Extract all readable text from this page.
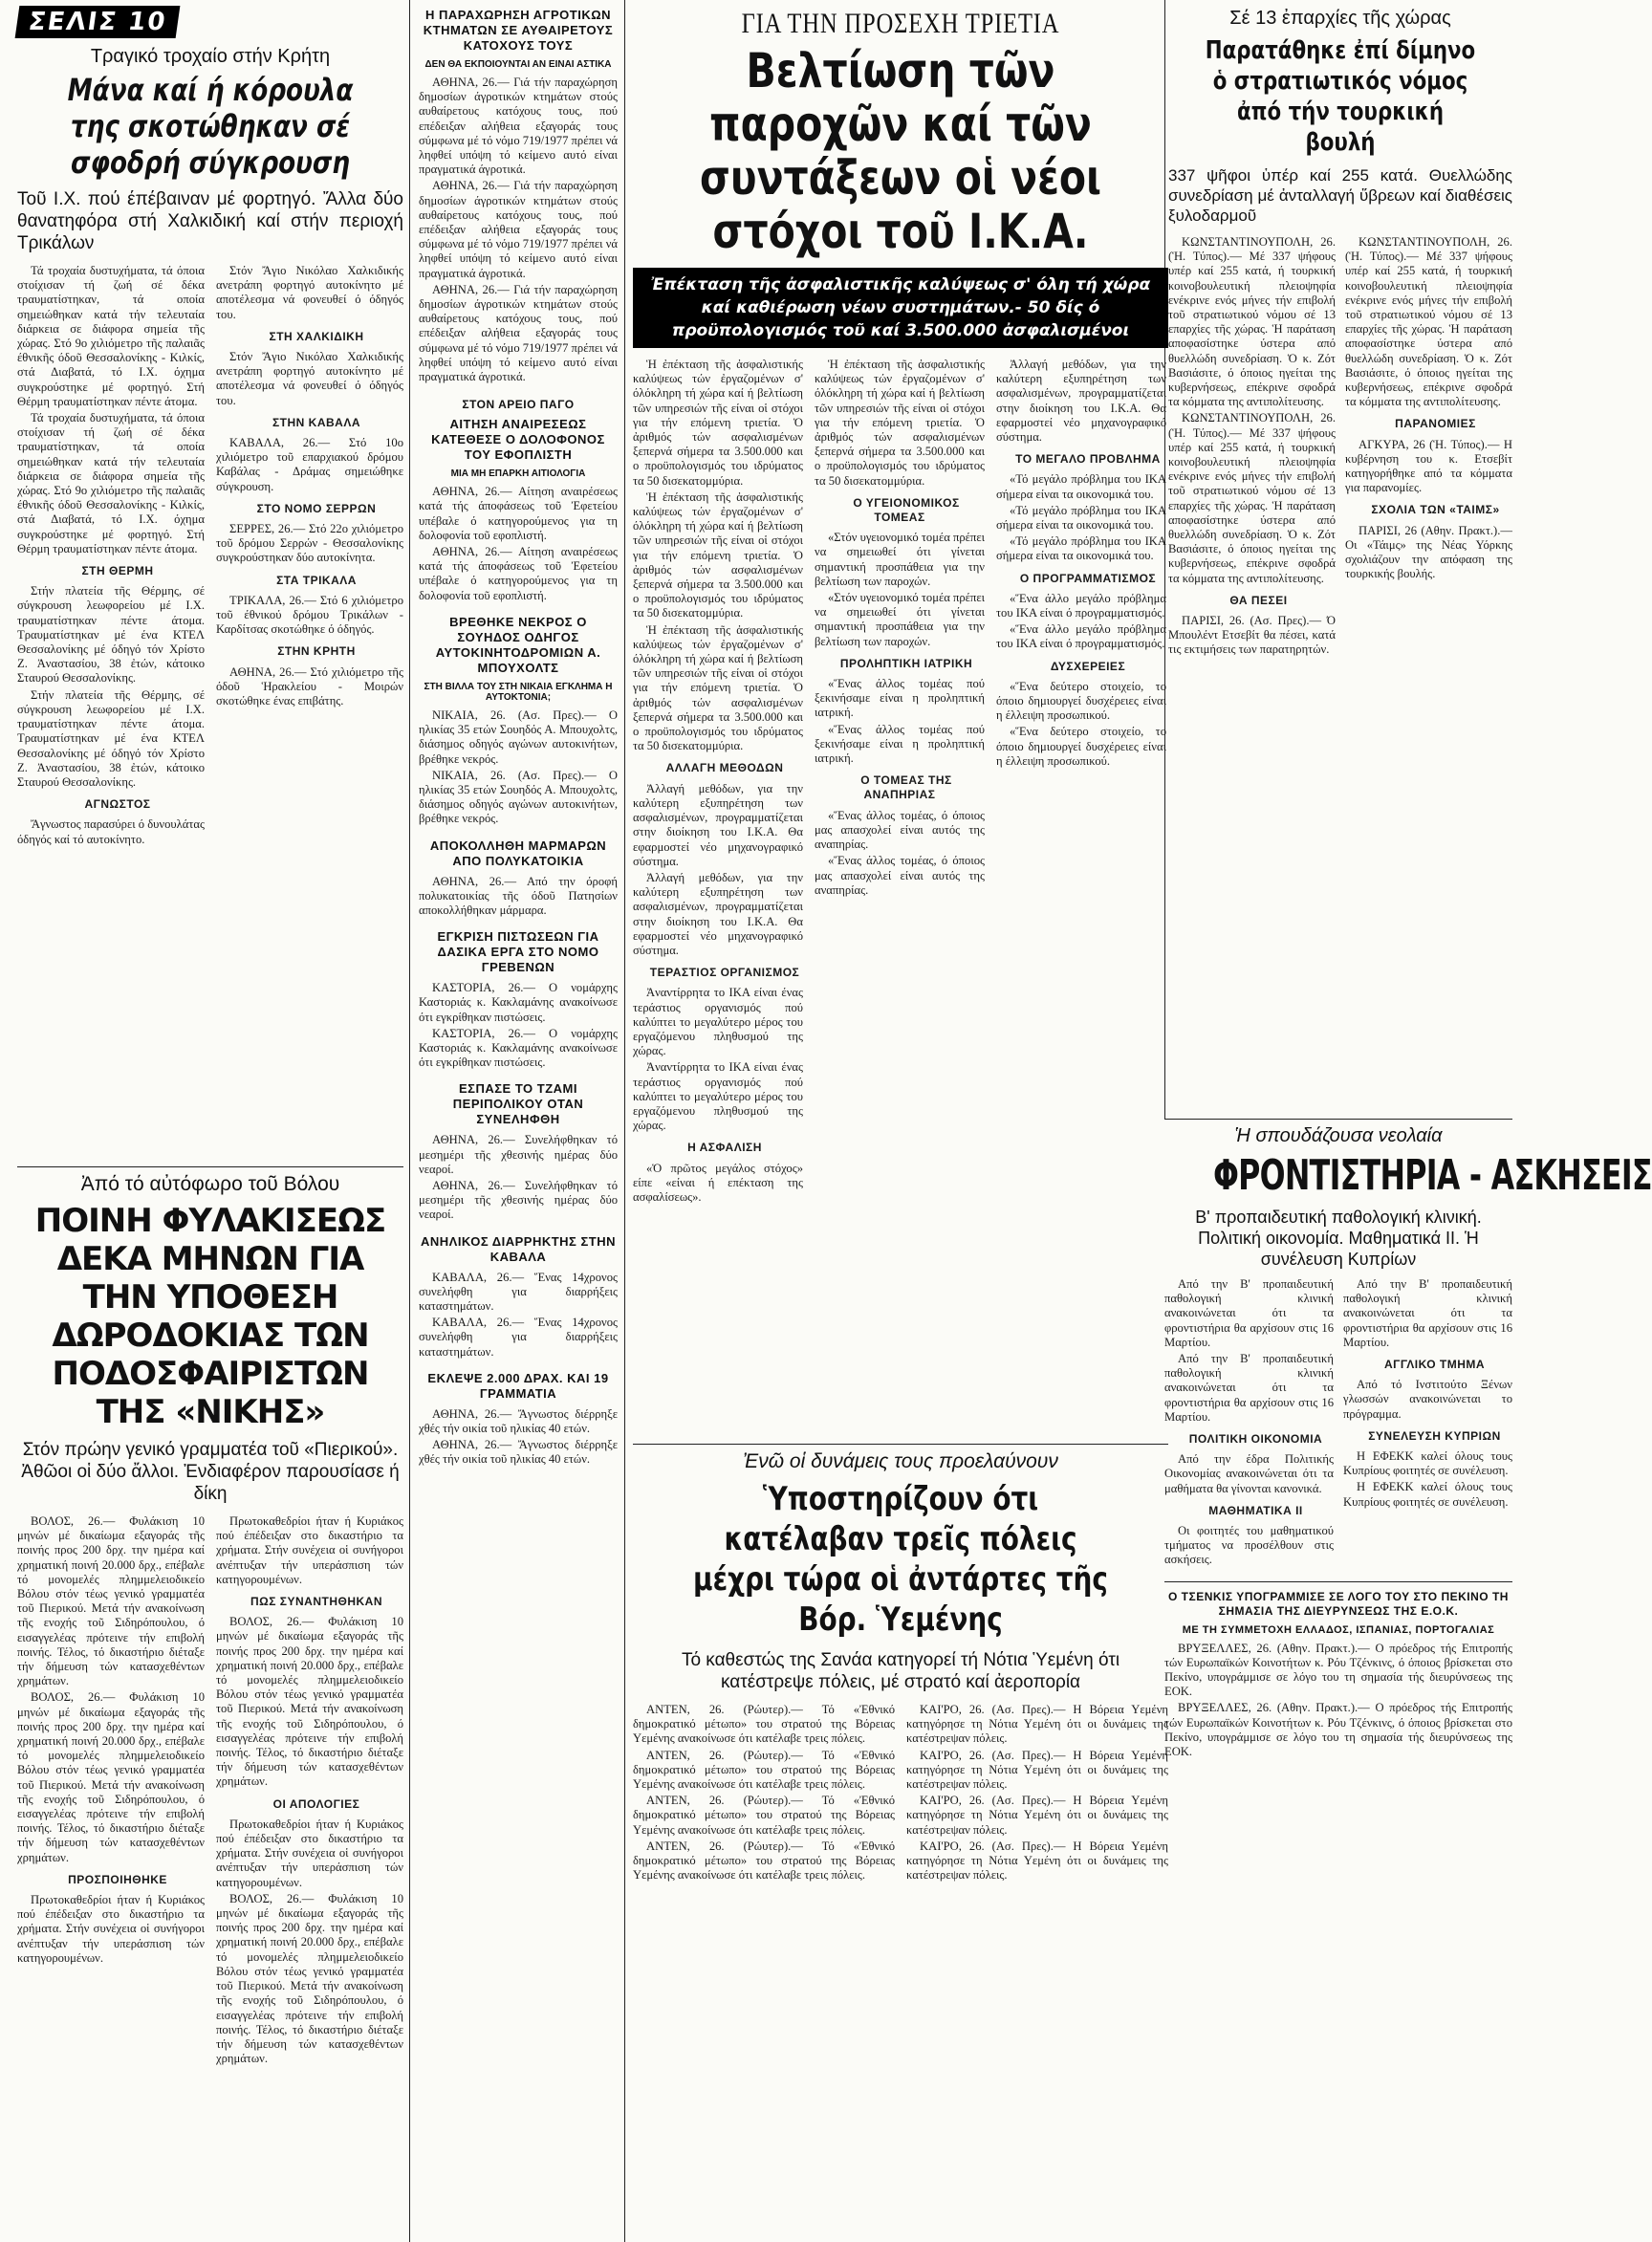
ΣΕΛΙΣ 10
Τραγικό τροχαίο στήν Κρήτη
Μάνα καί ή κόρουλα της σκοτώθηκαν σέ σφοδρή σύγκρουση
Τοῦ Ι.Χ. πού έπέβαιναν μέ φορτηγό. Ἄλλα δύο θανατηφόρα στή Χαλκιδική καί στήν περιοχή Τρικάλων

Τά τροχαία δυστυχήματα, τά όποια στοίχισαν τή ζωή σέ δέκα τραυματίστηκαν, τά οποία σημειώθηκαν κατά τήν τελευταία διάρκεια σε διάφορα σημεία τῆς χώρας. Στό 9ο χιλιόμετρο τῆς παλαιᾶς έθνικῆς όδοῦ Θεσσαλονίκης - Κιλκίς, στά Διαβατά, τό Ι.Χ. όχημα συγκρούστηκε μέ φορτηγό. Στή Θέρμη τραυματίστηκαν πέντε άτομα.

Τά τροχαία δυστυχήματα, τά όποια στοίχισαν τή ζωή σέ δέκα τραυματίστηκαν, τά οποία σημειώθηκαν κατά τήν τελευταία διάρκεια σε διάφορα σημεία τῆς χώρας. Στό 9ο χιλιόμετρο τῆς παλαιᾶς έθνικῆς όδοῦ Θεσσαλονίκης - Κιλκίς, στά Διαβατά, τό Ι.Χ. όχημα συγκρούστηκε μέ φορτηγό. Στή Θέρμη τραυματίστηκαν πέντε άτομα.

ΣΤΗ ΘΕΡΜΗ

Στήν πλατεία τῆς Θέρμης, σέ σύγκρουση λεωφορείου μέ Ι.Χ. τραυματίστηκαν πέντε άτομα. Τραυματίστηκαν μέ ένα ΚΤΕΛ Θεσσαλονίκης μέ όδηγό τόν Χρίστο Ζ. Ἀναστασίου, 38 ἐτών, κάτοικο Σταυρού Θεσσαλονίκης.

Στήν πλατεία τῆς Θέρμης, σέ σύγκρουση λεωφορείου μέ Ι.Χ. τραυματίστηκαν πέντε άτομα. Τραυματίστηκαν μέ ένα ΚΤΕΛ Θεσσαλονίκης μέ όδηγό τόν Χρίστο Ζ. Ἀναστασίου, 38 ἐτών, κάτοικο Σταυρού Θεσσαλονίκης.

ΑΓΝΩΣΤΟΣ

Ἄγνωστος παρασύρει ό δυνουλάτας όδηγός καί τό αυτοκίνητο.

Στόν Ἄγιο Νικόλαο Χαλκιδικής ανετράπη φορτηγό αυτοκίνητο μέ αποτέλεσμα νά φονευθεί ό όδηγός του.

ΣΤΗ ΧΑΛΚΙΔΙΚΗ

Στόν Ἄγιο Νικόλαο Χαλκιδικής ανετράπη φορτηγό αυτοκίνητο μέ αποτέλεσμα νά φονευθεί ό όδηγός του.

ΣΤΗΝ ΚΑΒΑΛΑ

ΚΑΒΑΛΑ, 26.— Στό 10ο χιλιόμετρο τοῦ επαρχιακού δρόμου Καβάλας - Δράμας σημειώθηκε σύγκρουση.

ΣΤΟ ΝΟΜΟ ΣΕΡΡΩΝ

ΣΕΡΡΕΣ, 26.— Στό 22ο χιλιόμετρο τοῦ δρόμου Σερρών - Θεσσαλονίκης συγκρούστηκαν δύο αυτοκίνητα.

ΣΤΑ ΤΡΙΚΑΛΑ

ΤΡΙΚΑΛΑ, 26.— Στό 6 χιλιόμετρο τοῦ έθνικού δρόμου Τρικάλων - Καρδίτσας σκοτώθηκε ό όδηγός.

ΣΤΗΝ ΚΡΗΤΗ

ΑΘΗΝΑ, 26.— Στό χιλιόμετρο τῆς όδοῦ Ἡρακλείου - Μοιρών σκοτώθηκε ένας επιβάτης.

Ἀπό τό αὐτόφωρο τοῦ Βόλου
ΠΟΙΝΗ ΦΥΛΑΚΙΣΕΩΣ ΔΕΚΑ ΜΗΝΩΝ ΓΙΑ ΤΗΝ ΥΠΟΘΕΣΗ ΔΩΡΟΔΟΚΙΑΣ ΤΩΝ ΠΟΔΟΣΦΑΙΡΙΣΤΩΝ ΤΗΣ «ΝΙΚΗΣ»
Στόν πρώην γενικό γραμματέα τοῦ «Πιερικού». Ἀθῶοι οἱ δύο ἄλλοι. Ἐνδιαφέρον παρουσίασε ή δίκη

ΒΟΛΟΣ, 26.— Φυλάκιση 10 μηνών μέ δικαίωμα εξαγοράς τῆς ποινής προς 200 δρχ. την ημέρα καί χρηματική ποινή 20.000 δρχ., επέβαλε τό μονομελές πλημμελειοδικείο Βόλου στόν τέως γενικό γραμματέα τοῦ Πιερικού. Μετά τήν ανακοίνωση τῆς ενοχής τοῦ Σιδηρόπουλου, ό εισαγγελέας πρότεινε τήν επιβολή ποινής. Τέλος, τό δικαστήριο διέταξε τήν δήμευση τών κατασχεθέντων χρημάτων.

ΒΟΛΟΣ, 26.— Φυλάκιση 10 μηνών μέ δικαίωμα εξαγοράς τῆς ποινής προς 200 δρχ. την ημέρα καί χρηματική ποινή 20.000 δρχ., επέβαλε τό μονομελές πλημμελειοδικείο Βόλου στόν τέως γενικό γραμματέα τοῦ Πιερικού. Μετά τήν ανακοίνωση τῆς ενοχής τοῦ Σιδηρόπουλου, ό εισαγγελέας πρότεινε τήν επιβολή ποινής. Τέλος, τό δικαστήριο διέταξε τήν δήμευση τών κατασχεθέντων χρημάτων.

ΠΡΟΣΠΟΙΗΘΗΚΕ

Πρωτοκαθεδρίοι ήταν ή Κυριάκος πού έπέδειξαν στο δικαστήριο τα χρήματα. Στήν συνέχεια οἱ συνήγοροι ανέπτυξαν τήν υπεράσπιση τών κατηγορουμένων.

Πρωτοκαθεδρίοι ήταν ή Κυριάκος πού έπέδειξαν στο δικαστήριο τα χρήματα. Στήν συνέχεια οἱ συνήγοροι ανέπτυξαν τήν υπεράσπιση τών κατηγορουμένων.

ΠΩΣ ΣΥΝΑΝΤΗΘΗΚΑΝ

ΒΟΛΟΣ, 26.— Φυλάκιση 10 μηνών μέ δικαίωμα εξαγοράς τῆς ποινής προς 200 δρχ. την ημέρα καί χρηματική ποινή 20.000 δρχ., επέβαλε τό μονομελές πλημμελειοδικείο Βόλου στόν τέως γενικό γραμματέα τοῦ Πιερικού. Μετά τήν ανακοίνωση τῆς ενοχής τοῦ Σιδηρόπουλου, ό εισαγγελέας πρότεινε τήν επιβολή ποινής. Τέλος, τό δικαστήριο διέταξε τήν δήμευση τών κατασχεθέντων χρημάτων.

ΟΙ ΑΠΟΛΟΓΙΕΣ

Πρωτοκαθεδρίοι ήταν ή Κυριάκος πού έπέδειξαν στο δικαστήριο τα χρήματα. Στήν συνέχεια οἱ συνήγοροι ανέπτυξαν τήν υπεράσπιση τών κατηγορουμένων.

ΒΟΛΟΣ, 26.— Φυλάκιση 10 μηνών μέ δικαίωμα εξαγοράς τῆς ποινής προς 200 δρχ. την ημέρα καί χρηματική ποινή 20.000 δρχ., επέβαλε τό μονομελές πλημμελειοδικείο Βόλου στόν τέως γενικό γραμματέα τοῦ Πιερικού. Μετά τήν ανακοίνωση τῆς ενοχής τοῦ Σιδηρόπουλου, ό εισαγγελέας πρότεινε τήν επιβολή ποινής. Τέλος, τό δικαστήριο διέταξε τήν δήμευση τών κατασχεθέντων χρημάτων.

Η ΠΑΡΑΧΩΡΗΣΗ ΑΓΡΟΤΙΚΩΝ ΚΤΗΜΑΤΩΝ ΣΕ ΑΥΘΑΙΡΕΤΟΥΣ ΚΑΤΟΧΟΥΣ ΤΟΥΣ
ΔΕΝ ΘΑ ΕΚΠΟΙΟΥΝΤΑΙ ΑΝ ΕΙΝΑΙ ΑΣΤΙΚΑ

ΑΘΗΝΑ, 26.— Γιά τήν παραχώρηση δημοσίων άγροτικών κτημάτων στούς αυθαίρετους κατόχους τους, πού επέδειξαν αλήθεια εξαγοράς τους σύμφωνα μέ τό νόμο 719/1977 πρέπει νά ληφθεί υπόψη τό κείμενο αυτό είναι πραγματικά άγροτικά.

ΑΘΗΝΑ, 26.— Γιά τήν παραχώρηση δημοσίων άγροτικών κτημάτων στούς αυθαίρετους κατόχους τους, πού επέδειξαν αλήθεια εξαγοράς τους σύμφωνα μέ τό νόμο 719/1977 πρέπει νά ληφθεί υπόψη τό κείμενο αυτό είναι πραγματικά άγροτικά.

ΑΘΗΝΑ, 26.— Γιά τήν παραχώρηση δημοσίων άγροτικών κτημάτων στούς αυθαίρετους κατόχους τους, πού επέδειξαν αλήθεια εξαγοράς τους σύμφωνα μέ τό νόμο 719/1977 πρέπει νά ληφθεί υπόψη τό κείμενο αυτό είναι πραγματικά άγροτικά.

ΣΤΟΝ ΑΡΕΙΟ ΠΑΓΟ
ΑΙΤΗΣΗ ΑΝΑΙΡΕΣΕΩΣ ΚΑΤΕΘΕΣΕ Ο ΔΟΛΟΦΟΝΟΣ ΤΟΥ ΕΦΟΠΛΙΣΤΗ
ΜΙΑ ΜΗ ΕΠΑΡΚΗ ΑΙΤΙΟΛΟΓΙΑ

ΑΘΗΝΑ, 26.— Αίτηση αναιρέσεως κατά τής άποφάσεως τοῦ Ἐφετείου υπέβαλε ό κατηγορούμενος για τη δολοφονία τοῦ εφοπλιστή.

ΑΘΗΝΑ, 26.— Αίτηση αναιρέσεως κατά τής άποφάσεως τοῦ Ἐφετείου υπέβαλε ό κατηγορούμενος για τη δολοφονία τοῦ εφοπλιστή.

ΒΡΕΘΗΚΕ ΝΕΚΡΟΣ Ο ΣΟΥΗΔΟΣ ΟΔΗΓΟΣ ΑΥΤΟΚΙΝΗΤΟΔΡΟΜΙΩΝ Α. ΜΠΟΥΧΟΛΤΣ
ΣΤΗ ΒΙΛΛΑ ΤΟΥ ΣΤΗ ΝΙΚΑΙΑ ΕΓΚΛΗΜΑ Η ΑΥΤΟΚΤΟΝΙΑ;

ΝΙΚΑΙΑ, 26. (Ασ. Πρες).— Ο ηλικίας 35 ετών Σουηδός Α. Μπουχολτς, διάσημος οδηγός αγώνων αυτοκινήτων, βρέθηκε νεκρός.

ΝΙΚΑΙΑ, 26. (Ασ. Πρες).— Ο ηλικίας 35 ετών Σουηδός Α. Μπουχολτς, διάσημος οδηγός αγώνων αυτοκινήτων, βρέθηκε νεκρός.

ΑΠΟΚΟΛΛΗΘΗ ΜΑΡΜΑΡΩΝ ΑΠΟ ΠΟΛΥΚΑΤΟΙΚΙΑ

ΑΘΗΝΑ, 26.— Από την όροφή πολυκατοικίας τῆς όδοῦ Πατησίων αποκολλήθηκαν μάρμαρα.

ΕΓΚΡΙΣΗ ΠΙΣΤΩΣΕΩΝ ΓΙΑ ΔΑΣΙΚΑ ΕΡΓΑ ΣΤΟ ΝΟΜΟ ΓΡΕΒΕΝΩΝ

ΚΑΣΤΟΡΙΑ, 26.— Ο νομάρχης Καστοριάς κ. Κακλαμάνης ανακοίνωσε ότι εγκρίθηκαν πιστώσεις.

ΚΑΣΤΟΡΙΑ, 26.— Ο νομάρχης Καστοριάς κ. Κακλαμάνης ανακοίνωσε ότι εγκρίθηκαν πιστώσεις.

ΕΣΠΑΣΕ ΤΟ ΤΖΑΜΙ ΠΕΡΙΠΟΛΙΚΟΥ ΟΤΑΝ ΣΥΝΕΛΗΦΘΗ

ΑΘΗΝΑ, 26.— Συνελήφθηκαν τό μεσημέρι τῆς χθεσινής ημέρας δύο νεαροί.

ΑΘΗΝΑ, 26.— Συνελήφθηκαν τό μεσημέρι τῆς χθεσινής ημέρας δύο νεαροί.

ΑΝΗΛΙΚΟΣ ΔΙΑΡΡΗΚΤΗΣ ΣΤΗΝ ΚΑΒΑΛΑ

ΚΑΒΑΛΑ, 26.— Ἕνας 14χρονος συνελήφθη για διαρρήξεις καταστημάτων.

ΚΑΒΑΛΑ, 26.— Ἕνας 14χρονος συνελήφθη για διαρρήξεις καταστημάτων.

ΕΚΛΕΨΕ 2.000 ΔΡΑΧ. ΚΑΙ 19 ΓΡΑΜΜΑΤΙΑ

ΑΘΗΝΑ, 26.— Ἄγνωστος διέρρηξε χθές τήν οικία τοῦ ηλικίας 40 ετών.

ΑΘΗΝΑ, 26.— Ἄγνωστος διέρρηξε χθές τήν οικία τοῦ ηλικίας 40 ετών.

ΓΙΑ ΤΗΝ ΠΡΟΣΕΧΗ ΤΡΙΕΤΙΑ
Βελτίωση τῶν παροχῶν καί τῶν συντάξεων οἱ νέοι στόχοι τοῦ Ι.Κ.Α.
Ἐπέκταση τῆς ἀσφαλιστικῆς καλύψεως σ' όλη τή χώρα καί καθιέρωση νέων συστημάτων.- 50 δίς ό προϋπολογισμός τοῦ καί 3.500.000 ἀσφαλισμένοι

Ἡ ἐπέκταση τῆς ἀσφαλιστικής καλύψεως τών ἐργαζομένων σ' όλόκληρη τή χώρα καί ή βελτίωση τῶν υπηρεσιών τῆς είναι οἱ στόχοι για τήν επόμενη τριετία. Ὁ ἀριθμός τών ασφαλισμένων ξεπερνά σήμερα τα 3.500.000 και ο προϋπολογισμός του ιδρύματος τα 50 δισεκατομμύρια.

Ἡ ἐπέκταση τῆς ἀσφαλιστικής καλύψεως τών ἐργαζομένων σ' όλόκληρη τή χώρα καί ή βελτίωση τῶν υπηρεσιών τῆς είναι οἱ στόχοι για τήν επόμενη τριετία. Ὁ ἀριθμός τών ασφαλισμένων ξεπερνά σήμερα τα 3.500.000 και ο προϋπολογισμός του ιδρύματος τα 50 δισεκατομμύρια.

Ἡ ἐπέκταση τῆς ἀσφαλιστικής καλύψεως τών ἐργαζομένων σ' όλόκληρη τή χώρα καί ή βελτίωση τῶν υπηρεσιών τῆς είναι οἱ στόχοι για τήν επόμενη τριετία. Ὁ ἀριθμός τών ασφαλισμένων ξεπερνά σήμερα τα 3.500.000 και ο προϋπολογισμός του ιδρύματος τα 50 δισεκατομμύρια.

ΑΛΛΑΓΗ ΜΕΘΟΔΩΝ

Ἀλλαγή μεθόδων, για την καλύτερη εξυπηρέτηση των ασφαλισμένων, προγραμματίζεται στην διοίκηση του Ι.Κ.Α. Θα εφαρμοστεί νέο μηχανογραφικό σύστημα.

Ἀλλαγή μεθόδων, για την καλύτερη εξυπηρέτηση των ασφαλισμένων, προγραμματίζεται στην διοίκηση του Ι.Κ.Α. Θα εφαρμοστεί νέο μηχανογραφικό σύστημα.

ΤΕΡΑΣΤΙΟΣ ΟΡΓΑΝΙΣΜΟΣ

Ἀναντίρρητα το ΙΚΑ είναι ένας τεράστιος οργανισμός πού καλύπτει το μεγαλύτερο μέρος του εργαζόμενου πληθυσμού της χώρας.

Ἀναντίρρητα το ΙΚΑ είναι ένας τεράστιος οργανισμός πού καλύπτει το μεγαλύτερο μέρος του εργαζόμενου πληθυσμού της χώρας.

Η ΑΣΦΑΛΙΣΗ

«Ὁ πρῶτος μεγάλος στόχος» είπε «είναι ή επέκταση της ασφαλίσεως».

Ἡ ἐπέκταση τῆς ἀσφαλιστικής καλύψεως τών ἐργαζομένων σ' όλόκληρη τή χώρα καί ή βελτίωση τῶν υπηρεσιών τῆς είναι οἱ στόχοι για τήν επόμενη τριετία. Ὁ ἀριθμός τών ασφαλισμένων ξεπερνά σήμερα τα 3.500.000 και ο προϋπολογισμός του ιδρύματος τα 50 δισεκατομμύρια.

Ο ΥΓΕΙΟΝΟΜΙΚΟΣ ΤΟΜΕΑΣ

«Στόν υγειονομικό τομέα πρέπει να σημειωθεί ότι γίνεται σημαντική προσπάθεια για την βελτίωση των παροχών.

«Στόν υγειονομικό τομέα πρέπει να σημειωθεί ότι γίνεται σημαντική προσπάθεια για την βελτίωση των παροχών.

ΠΡΟΛΗΠΤΙΚΗ ΙΑΤΡΙΚΗ

«Ἕνας άλλος τομέας πού ξεκινήσαμε είναι η προληπτική ιατρική.

«Ἕνας άλλος τομέας πού ξεκινήσαμε είναι η προληπτική ιατρική.

Ο ΤΟΜΕΑΣ ΤΗΣ ΑΝΑΠΗΡΙΑΣ

«Ἕνας άλλος τομέας, ό όποιος μας απασχολεί είναι αυτός της αναπηρίας.

«Ἕνας άλλος τομέας, ό όποιος μας απασχολεί είναι αυτός της αναπηρίας.

Ἀλλαγή μεθόδων, για την καλύτερη εξυπηρέτηση των ασφαλισμένων, προγραμματίζεται στην διοίκηση του Ι.Κ.Α. Θα εφαρμοστεί νέο μηχανογραφικό σύστημα.

ΤΟ ΜΕΓΑΛΟ ΠΡΟΒΛΗΜΑ

«Τό μεγάλο πρόβλημα του ΙΚΑ σήμερα είναι τα οικονομικά του.

«Τό μεγάλο πρόβλημα του ΙΚΑ σήμερα είναι τα οικονομικά του.

«Τό μεγάλο πρόβλημα του ΙΚΑ σήμερα είναι τα οικονομικά του.

Ο ΠΡΟΓΡΑΜΜΑΤΙΣΜΟΣ

«Ἕνα άλλο μεγάλο πρόβλημα του ΙΚΑ είναι ό προγραμματισμός.

«Ἕνα άλλο μεγάλο πρόβλημα του ΙΚΑ είναι ό προγραμματισμός.

ΔΥΣΧΕΡΕΙΕΣ

«Ἕνα δεύτερο στοιχείο, το όποιο δημιουργεί δυσχέρειες είναι η έλλειψη προσωπικού.

«Ἕνα δεύτερο στοιχείο, το όποιο δημιουργεί δυσχέρειες είναι η έλλειψη προσωπικού.

Ἐνῶ οἱ δυνάμεις τους προελαύνουν
Ὑποστηρίζουν ότι κατέλαβαν τρεῖς πόλεις μέχρι τώρα οἱ ἀντάρτες τῆς Βόρ. Ὑεμένης
Τό καθεστώς της Σανάα κατηγορεί τή Νότια Ὑεμένη ότι κατέστρεψε πόλεις, μέ στρατό καί ἀεροπορία

ΑΝΤΕΝ, 26. (Ρώυτερ).— Τό «Ἐθνικό δημοκρατικό μέτωπο» του στρατού της Βόρειας Υεμένης ανακοίνωσε ότι κατέλαβε τρεις πόλεις.

ΑΝΤΕΝ, 26. (Ρώυτερ).— Τό «Ἐθνικό δημοκρατικό μέτωπο» του στρατού της Βόρειας Υεμένης ανακοίνωσε ότι κατέλαβε τρεις πόλεις.

ΑΝΤΕΝ, 26. (Ρώυτερ).— Τό «Ἐθνικό δημοκρατικό μέτωπο» του στρατού της Βόρειας Υεμένης ανακοίνωσε ότι κατέλαβε τρεις πόλεις.

ΑΝΤΕΝ, 26. (Ρώυτερ).— Τό «Ἐθνικό δημοκρατικό μέτωπο» του στρατού της Βόρειας Υεμένης ανακοίνωσε ότι κατέλαβε τρεις πόλεις.

ΚΑΙ'ΡΟ, 26. (Ασ. Πρες).— Η Βόρεια Υεμένη κατηγόρησε τη Νότια Υεμένη ότι οι δυνάμεις της κατέστρεψαν πόλεις.

ΚΑΙ'ΡΟ, 26. (Ασ. Πρες).— Η Βόρεια Υεμένη κατηγόρησε τη Νότια Υεμένη ότι οι δυνάμεις της κατέστρεψαν πόλεις.

ΚΑΙ'ΡΟ, 26. (Ασ. Πρες).— Η Βόρεια Υεμένη κατηγόρησε τη Νότια Υεμένη ότι οι δυνάμεις της κατέστρεψαν πόλεις.

ΚΑΙ'ΡΟ, 26. (Ασ. Πρες).— Η Βόρεια Υεμένη κατηγόρησε τη Νότια Υεμένη ότι οι δυνάμεις της κατέστρεψαν πόλεις.

Σέ 13 ἐπαρχίες τῆς χώρας
Παρατάθηκε ἐπί δίμηνο ὁ στρατιωτικός νόμος ἀπό τήν τουρκική βουλή
337 ψῆφοι ὑπέρ καί 255 κατά. Θυελλώδης συνεδρίαση μέ ἀνταλλαγή ὕβρεων καί διαθέσεις ξυλοδαρμοῦ

ΚΩΝΣΤΑΝΤΙΝΟΥΠΟΛΗ, 26. (Ἡ. Τύπος).— Μέ 337 ψήφους υπέρ καί 255 κατά, ή τουρκική κοινοβουλευτική πλειοψηφία ενέκρινε ενός μήνες τήν επιβολή τοῦ στρατιωτικού νόμου σέ 13 επαρχίες τῆς χώρας. Ἡ παράταση αποφασίστηκε ύστερα από θυελλώδη συνεδρίαση. Ὁ κ. Ζότ Βασιάσιτε, ό όποιος ηγείται της κυβερνήσεως, επέκρινε σφοδρά τα κόμματα της αντιπολίτευσης.

ΚΩΝΣΤΑΝΤΙΝΟΥΠΟΛΗ, 26. (Ἡ. Τύπος).— Μέ 337 ψήφους υπέρ καί 255 κατά, ή τουρκική κοινοβουλευτική πλειοψηφία ενέκρινε ενός μήνες τήν επιβολή τοῦ στρατιωτικού νόμου σέ 13 επαρχίες τῆς χώρας. Ἡ παράταση αποφασίστηκε ύστερα από θυελλώδη συνεδρίαση. Ὁ κ. Ζότ Βασιάσιτε, ό όποιος ηγείται της κυβερνήσεως, επέκρινε σφοδρά τα κόμματα της αντιπολίτευσης.

ΘΑ ΠΕΣΕΙ

ΠΑΡΙΣΙ, 26. (Ασ. Πρες).— Ό Μπουλέντ Ετσεβίτ θα πέσει, κατά τις εκτιμήσεις των παρατηρητών.

ΚΩΝΣΤΑΝΤΙΝΟΥΠΟΛΗ, 26. (Ἡ. Τύπος).— Μέ 337 ψήφους υπέρ καί 255 κατά, ή τουρκική κοινοβουλευτική πλειοψηφία ενέκρινε ενός μήνες τήν επιβολή τοῦ στρατιωτικού νόμου σέ 13 επαρχίες τῆς χώρας. Ἡ παράταση αποφασίστηκε ύστερα από θυελλώδη συνεδρίαση. Ὁ κ. Ζότ Βασιάσιτε, ό όποιος ηγείται της κυβερνήσεως, επέκρινε σφοδρά τα κόμματα της αντιπολίτευσης.

ΠΑΡΑΝΟΜΙΕΣ

ΑΓΚΥΡΑ, 26 (Ἡ. Τύπος).— Η κυβέρνηση του κ. Ετσεβίτ κατηγορήθηκε από τα κόμματα για παρανομίες.

ΣΧΟΛΙΑ ΤΩΝ «ΤΑΙΜΣ»

ΠΑΡΙΣΙ, 26 (Αθην. Πρακτ.).— Οι «Τάιμς» της Νέας Υόρκης σχολιάζουν την απόφαση της τουρκικής βουλής.

Ἡ σπουδάζουσα νεολαία
ΦΡΟΝΤΙΣΤΗΡΙΑ - ΑΣΚΗΣΕΙΣ
Β' προπαιδευτική παθολογική κλινική. Πολιτική οικονομία. Μαθηματικά ΙΙ. Ἡ συνέλευση Κυπρίων

Από την Β' προπαιδευτική παθολογική κλινική ανακοινώνεται ότι τα φροντιστήρια θα αρχίσουν στις 16 Μαρτίου.

Από την Β' προπαιδευτική παθολογική κλινική ανακοινώνεται ότι τα φροντιστήρια θα αρχίσουν στις 16 Μαρτίου.

ΠΟΛΙΤΙΚΗ ΟΙΚΟΝΟΜΙΑ

Από την έδρα Πολιτικής Οικονομίας ανακοινώνεται ότι τα μαθήματα θα γίνονται κανονικά.

ΜΑΘΗΜΑΤΙΚΑ ΙΙ

Οι φοιτητές του μαθηματικού τμήματος να προσέλθουν στις ασκήσεις.

Από την Β' προπαιδευτική παθολογική κλινική ανακοινώνεται ότι τα φροντιστήρια θα αρχίσουν στις 16 Μαρτίου.

ΑΓΓΛΙΚΟ ΤΜΗΜΑ

Από τό Ινστιτούτο Ξένων γλωσσών ανακοινώνεται το πρόγραμμα.

ΣΥΝΕΛΕΥΣΗ ΚΥΠΡΙΩΝ

Η ΕΦΕΚΚ καλεί όλους τους Κυπρίους φοιτητές σε συνέλευση.

Η ΕΦΕΚΚ καλεί όλους τους Κυπρίους φοιτητές σε συνέλευση.

Ο ΤΣΕΝΚΙΣ ΥΠΟΓΡΑΜΜΙΣΕ ΣΕ ΛΟΓΟ ΤΟΥ ΣΤΟ ΠΕΚΙΝΟ ΤΗ ΣΗΜΑΣΙΑ ΤΗΣ ΔΙΕΥΡΥΝΣΕΩΣ ΤΗΣ Ε.Ο.Κ.
ΜΕ ΤΗ ΣΥΜΜΕΤΟΧΗ ΕΛΛΑΔΟΣ, ΙΣΠΑΝΙΑΣ, ΠΟΡΤΟΓΑΛΙΑΣ

ΒΡΥΞΕΛΛΕΣ, 26. (Αθην. Πρακτ.).— Ο πρόεδρος τής Επιτροπής τών Ευρωπαϊκών Κοινοτήτων κ. Ρόυ Τζένκινς, ό όποιος βρίσκεται στο Πεκίνο, υπογράμμισε σε λόγο του τη σημασία τής διευρύνσεως της ΕΟΚ.

ΒΡΥΞΕΛΛΕΣ, 26. (Αθην. Πρακτ.).— Ο πρόεδρος τής Επιτροπής τών Ευρωπαϊκών Κοινοτήτων κ. Ρόυ Τζένκινς, ό όποιος βρίσκεται στο Πεκίνο, υπογράμμισε σε λόγο του τη σημασία τής διευρύνσεως της ΕΟΚ.
